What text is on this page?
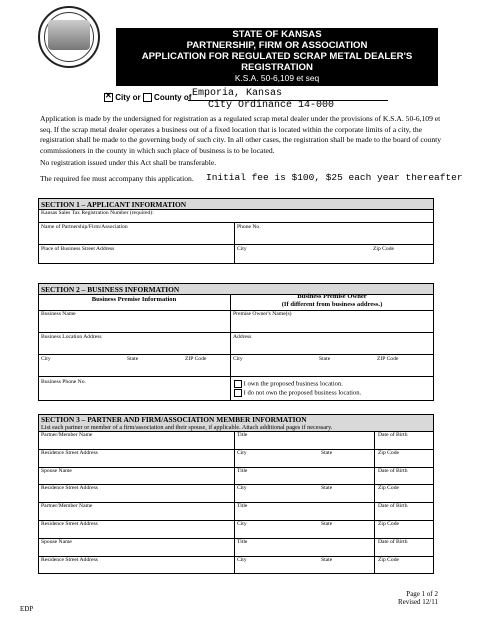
STATE OF KANSAS
PARTNERSHIP, FIRM OR ASSOCIATION
APPLICATION FOR REGULATED SCRAP METAL DEALER'S REGISTRATION
K.S.A. 50-6,109 et seq
✕ City or County of Emporia, Kansas
City Ordinance 14-000
Application is made by the undersigned for registration as a regulated scrap metal dealer under the provisions of K.S.A. 50-6,109 et seq. If the scrap metal dealer operates a business out of a fixed location that is located within the corporate limits of a city, the registration shall be made to the governing body of such city. In all other cases, the registration shall be made to the board of county commissioners in the county in which such place of business is to be located.
No registration issued under this Act shall be transferable.
The required fee must accompany this application. Initial fee is $100, $25 each year thereafter
SECTION 1 – APPLICANT INFORMATION
Kansas Sales Tax Registration Number (required):
Name of Partnership/Firm/Association	Phone No.
Place of Business Street Address	City	Zip Code
SECTION 2 – BUSINESS INFORMATION
Business Premise Information	Business Premise Owner
(If different from business address.)
Business Name	Premise Owner's Name(s)
Business Location Address	Address
City	State	ZIP Code	City	State	ZIP Code
Business Phone No.	I own the proposed business location.
I do not own the proposed business location.
SECTION 3 – PARTNER AND FIRM/ASSOCIATION MEMBER INFORMATION
List each partner or member of a firm/association and their spouse, if applicable. Attach additional pages if necessary.
Partner/Member Name	Title	Date of Birth
Residence Street Address	City	State	Zip Code
Spouse Name	Title	Date of Birth
Residence Street Address	City	State	Zip Code
Partner/Member Name	Title	Date of Birth
Residence Street Address	City	State	Zip Code
Spouse Name	Title	Date of Birth
Residence Street Address	City	State	Zip Code
EDP
Page 1 of 2
Revised 12/11
